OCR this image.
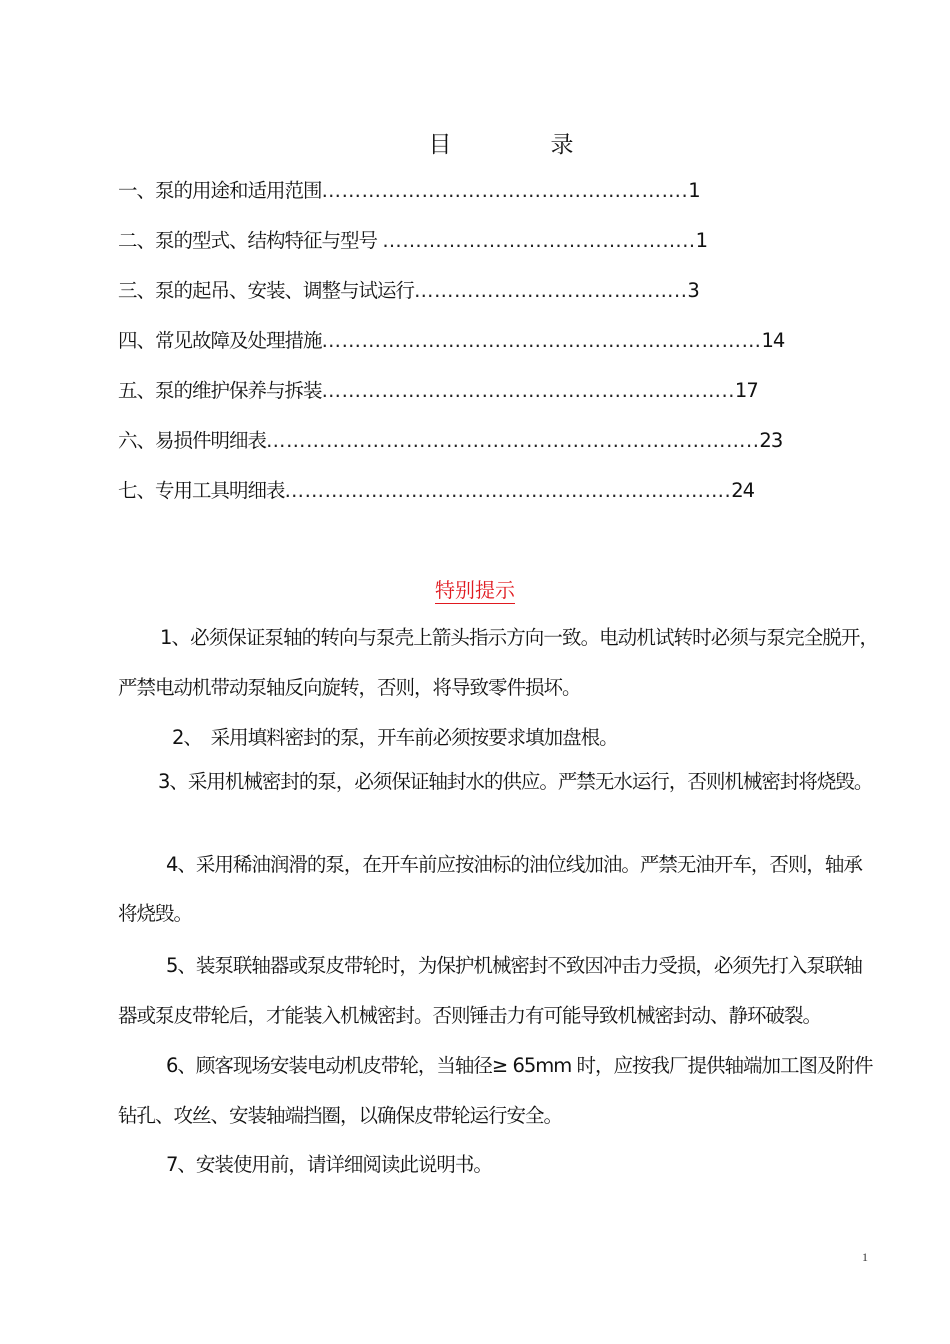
目　录
一、泵的用途和适用范围……………………………………………….1
二、泵的型式、结构特征与型号 ………………………………………..1
三、泵的起吊、安装、调整与试运行…………………………………..3
四、常见故障及处理措施…………………………………………………………14
五、泵的维护保养与拆装……………………………………………………..17
六、易损件明细表………………………………………………………………..23
七、专用工具明细表………………………………………………………….24
特别提示

1、必须保证泵轴的转向与泵壳上箭头指示方向一致。电动机试转时必须与泵完全脱开，严禁电动机带动泵轴反向旋转，否则，将导致零件损坏。

2、　采用填料密封的泵，开车前必须按要求填加盘根。

3、采用机械密封的泵，必须保证轴封水的供应。严禁无水运行，否则机械密封将烧毁。

4、采用稀油润滑的泵，在开车前应按油标的油位线加油。严禁无油开车，否则，轴承将烧毁。

5、装泵联轴器或泵皮带轮时，为保护机械密封不致因冲击力受损，必须先打入泵联轴器或泵皮带轮后，才能装入机械密封。否则锤击力有可能导致机械密封动、静环破裂。

6、顾客现场安装电动机皮带轮，当轴径≥ 65mm 时，应按我厂提供轴端加工图及附件钻孔、攻丝、安装轴端挡圈，以确保皮带轮运行安全。

7、安装使用前，请详细阅读此说明书。

1
